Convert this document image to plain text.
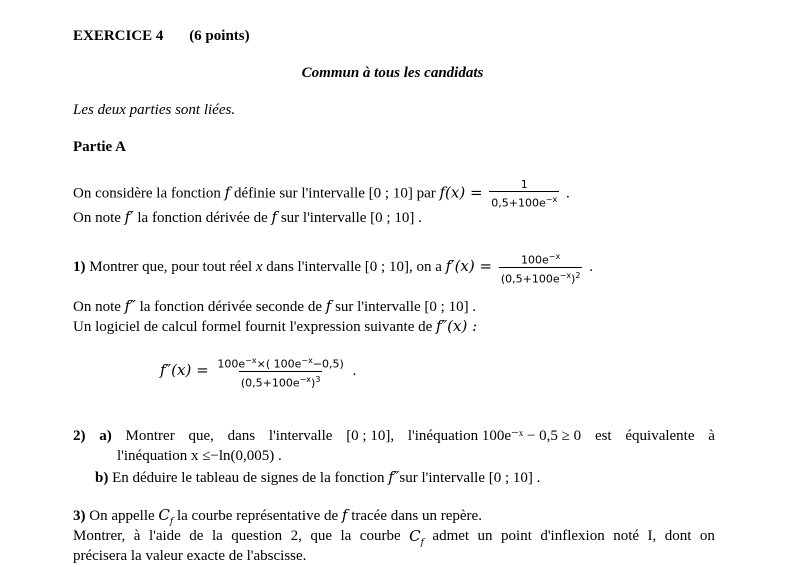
EXERCICE 4 (6 points)
Commun à tous les candidats
Les deux parties sont liées.
Partie A
On considère la fonction f définie sur l'intervalle [0 ; 10] par $f(x) = \frac{1}{0,5+100e^{-x}}$ .
On note f′ la fonction dérivée de f sur l'intervalle [0 ; 10] .
1) Montrer que, pour tout réel x dans l'intervalle [0 ; 10], on a $f'(x) = \frac{100e^{-x}}{(0,5+100e^{-x})^2}$ .
On note f″ la fonction dérivée seconde de f sur l'intervalle [0 ; 10] .
Un logiciel de calcul formel fournit l'expression suivante de f″(x) :
$f''(x) = \frac{100e^{-x}\times( 100e^{-x}-0,5)}{(0,5+100e^{-x})^3}$ .
2) a) Montrer que, dans l'intervalle [0 ; 10], l'inéquation 100e⁻ˣ − 0,5 ≥ 0 est équivalente à
l'inéquation x ≤−ln(0,005) .
b) En déduire le tableau de signes de la fonction f″sur l'intervalle [0 ; 10] .
3) On appelle $C_f$ la courbe représentative de f tracée dans un repère.
Montrer, à l'aide de la question 2, que la courbe $C_f$ admet un point d'inflexion noté I, dont on
précisera la valeur exacte de l'abscisse.
